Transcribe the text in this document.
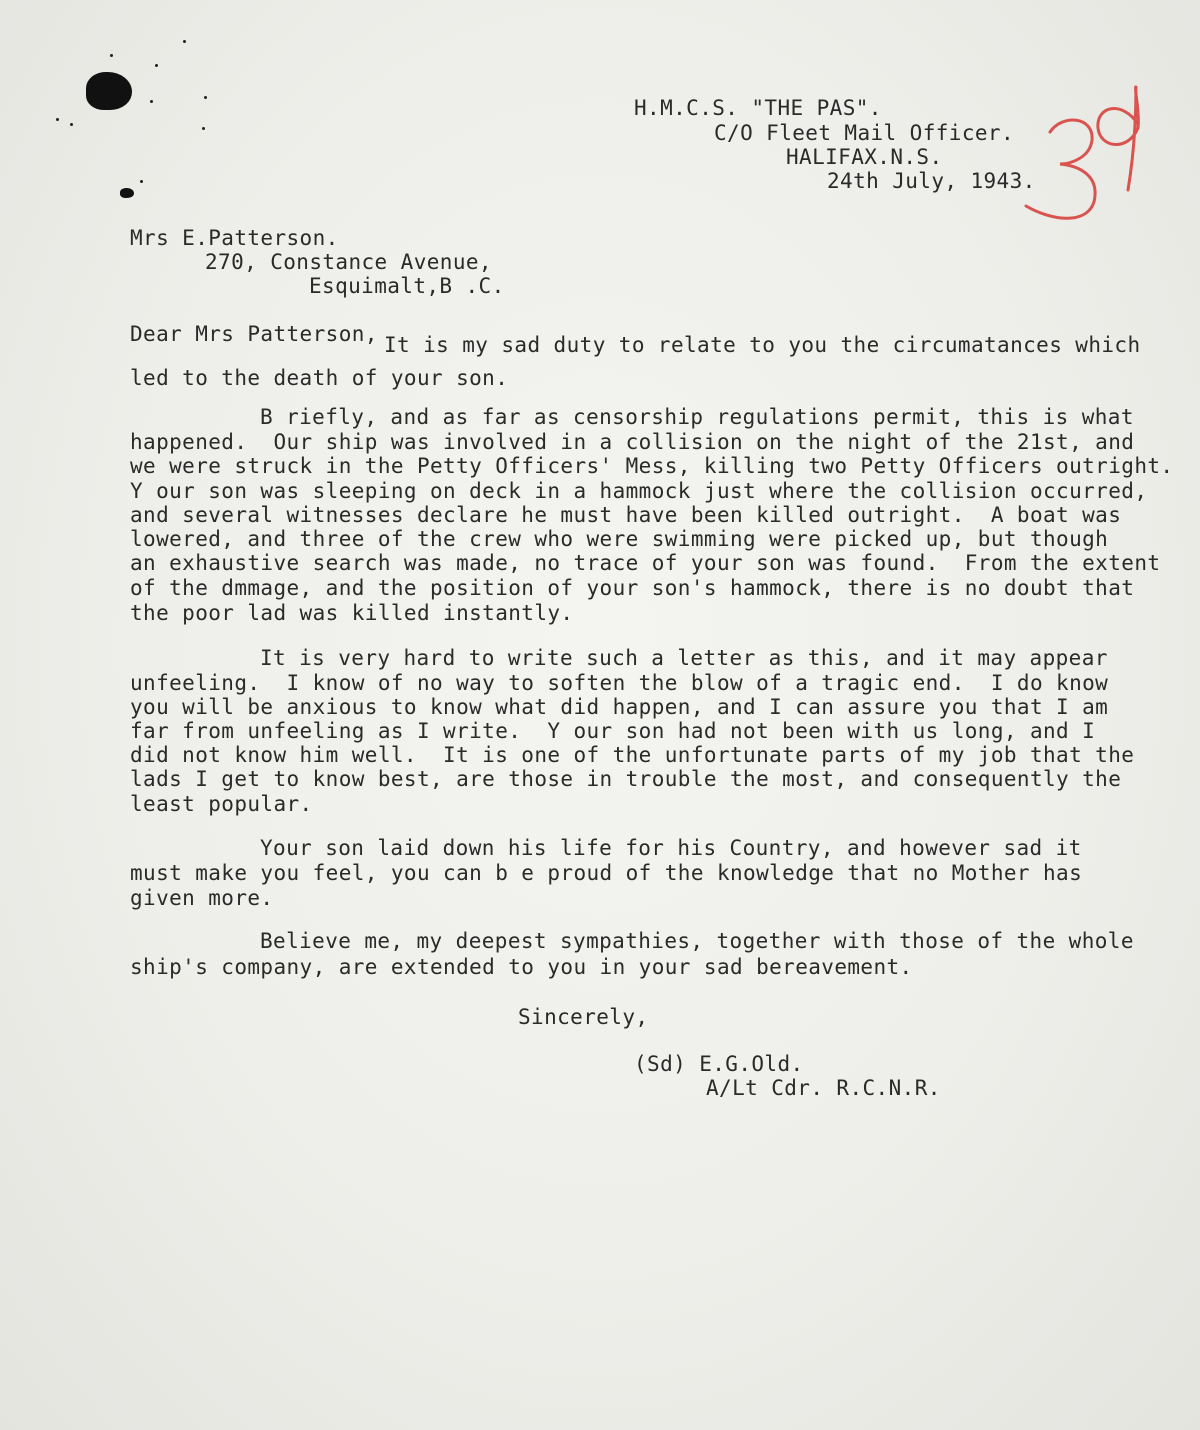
H.M.C.S. "THE PAS".
C/O Fleet Mail Officer.
HALIFAX.N.S.
24th July, 1943.
39
Mrs E.Patterson.
270, Constance Avenue,
Esquimalt,B .C.
Dear Mrs Patterson, It is my sad duty to relate to you the circumatances which
led to the death of your son.
B riefly, and as far as censorship regulations permit, this is what
happened.  Our ship was involved in a collision on the night of the 21st, and
we were struck in the Petty Officers' Mess, killing two Petty Officers outright.
Y our son was sleeping on deck in a hammock just where the collision occurred,
and several witnesses declare he must have been killed outright.  A boat was
lowered, and three of the crew who were swimming were picked up, but though
an exhaustive search was made, no trace of your son was found.  From the extent
of the dmmage, and the position of your son's hammock, there is no doubt that
the poor lad was killed instantly.
It is very hard to write such a letter as this, and it may appear
unfeeling.  I know of no way to soften the blow of a tragic end.  I do know
you will be anxious to know what did happen, and I can assure you that I am
far from unfeeling as I write.  Y our son had not been with us long, and I
did not know him well.  It is one of the unfortunate parts of my job that the
lads I get to know best, are those in trouble the most, and consequently the
least popular.
Your son laid down his life for his Country, and however sad it
must make you feel, you can b e proud of the knowledge that no Mother has
given more.
Believe me, my deepest sympathies, together with those of the whole
ship's company, are extended to you in your sad bereavement.
Sincerely,
(Sd) E.G.Old.
A/Lt Cdr. R.C.N.R.
